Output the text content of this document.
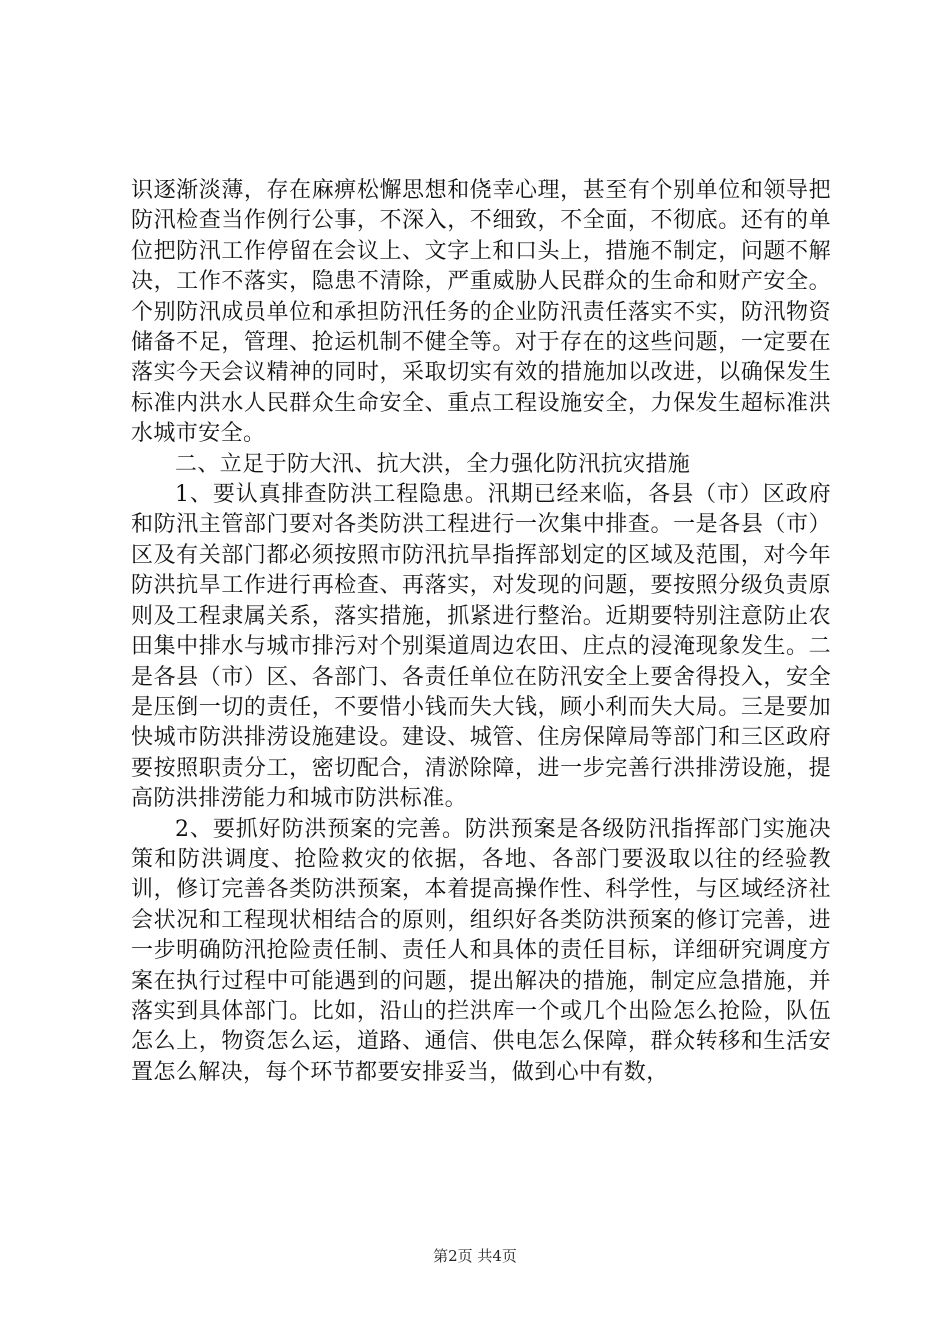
识逐渐淡薄，存在麻痹松懈思想和侥幸心理，甚至有个别单位和领导把防汛检查当作例行公事，不深入，不细致，不全面，不彻底。还有的单位把防汛工作停留在会议上、文字上和口头上，措施不制定，问题不解决，工作不落实，隐患不清除，严重威胁人民群众的生命和财产安全。个别防汛成员单位和承担防汛任务的企业防汛责任落实不实，防汛物资储备不足，管理、抢运机制不健全等。对于存在的这些问题，一定要在落实今天会议精神的同时，采取切实有效的措施加以改进，以确保发生标准内洪水人民群众生命安全、重点工程设施安全，力保发生超标准洪水城市安全。

二、立足于防大汛、抗大洪，全力强化防汛抗灾措施

1、要认真排查防洪工程隐患。汛期已经来临，各县（市）区政府和防汛主管部门要对各类防洪工程进行一次集中排查。一是各县（市）区及有关部门都必须按照市防汛抗旱指挥部划定的区域及范围，对今年防洪抗旱工作进行再检查、再落实，对发现的问题，要按照分级负责原则及工程隶属关系，落实措施，抓紧进行整治。近期要特别注意防止农田集中排水与城市排污对个别渠道周边农田、庄点的浸淹现象发生。二是各县（市）区、各部门、各责任单位在防汛安全上要舍得投入，安全是压倒一切的责任，不要惜小钱而失大钱，顾小利而失大局。三是要加快城市防洪排涝设施建设。建设、城管、住房保障局等部门和三区政府要按照职责分工，密切配合，清淤除障，进一步完善行洪排涝设施，提高防洪排涝能力和城市防洪标准。

2、要抓好防洪预案的完善。防洪预案是各级防汛指挥部门实施决策和防洪调度、抢险救灾的依据，各地、各部门要汲取以往的经验教训，修订完善各类防洪预案，本着提高操作性、科学性，与区域经济社会状况和工程现状相结合的原则，组织好各类防洪预案的修订完善，进一步明确防汛抢险责任制、责任人和具体的责任目标，详细研究调度方案在执行过程中可能遇到的问题，提出解决的措施，制定应急措施，并落实到具体部门。比如，沿山的拦洪库一个或几个出险怎么抢险，队伍怎么上，物资怎么运，道路、通信、供电怎么保障，群众转移和生活安置怎么解决，每个环节都要安排妥当，做到心中有数，

第2页 共4页
